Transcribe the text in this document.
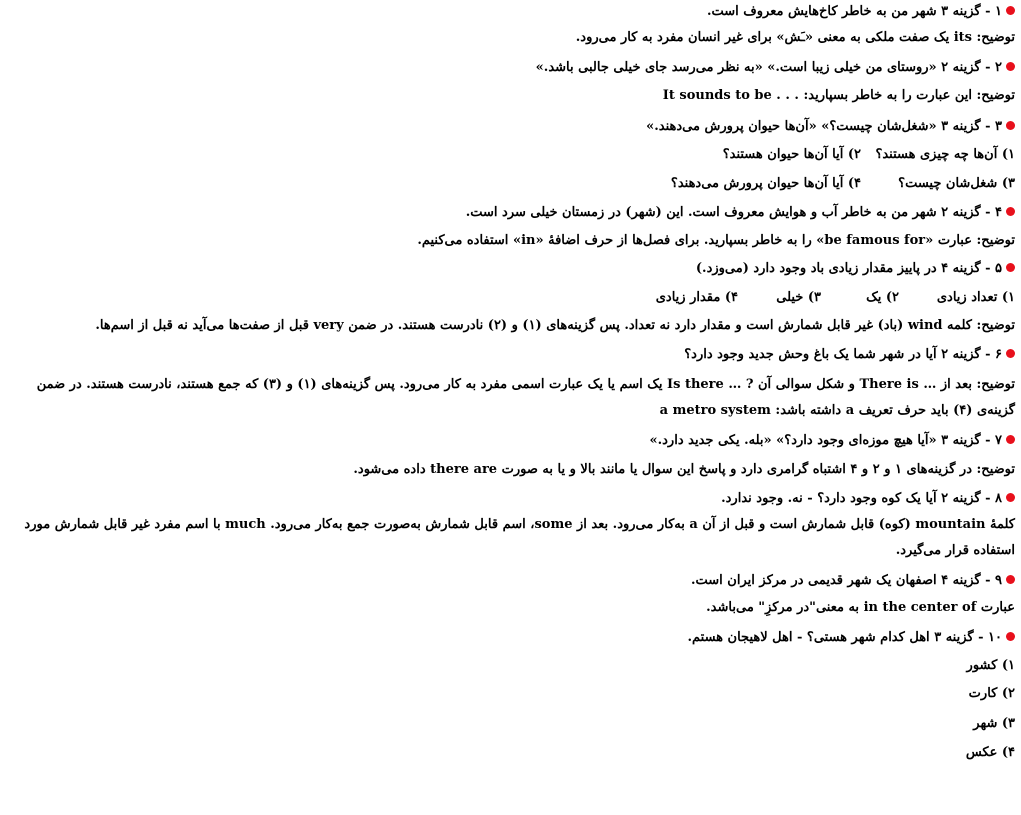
۱ - گزینه ۳ شهر من به خاطر کاخ‌هایش معروف است.
توضیح: its یک صفت ملکی به معنی «ـَش» برای غیر انسان مفرد به کار می‌رود.
۲ - گزینه ۲ «روستای من خیلی زیبا است.» «به نظر می‌رسد جای خیلی جالبی باشد.»
توضیح: این عبارت را به خاطر بسپارید: . . . It sounds to be
۳ - گزینه ۳ «شغل‌شان چیست؟» «آن‌ها حیوان پرورش می‌دهند.»
۱) آن‌ها چه چیزی هستند؟
۲) آیا آن‌ها حیوان هستند؟
۳) شغل‌شان چیست؟
۴) آیا آن‌ها حیوان پرورش می‌دهند؟
۴ - گزینه ۲ شهر من به خاطر آب و هوایش معروف است. این (شهر) در زمستان خیلی سرد است.
توضیح: عبارت «be famous for» را به خاطر بسپارید. برای فصل‌ها از حرف اضافهٔ «in» استفاده می‌کنیم.
۵ - گزینه ۴ در پاییز مقدار زیادی باد وجود دارد (می‌وزد.)
۱) تعداد زیادی
۲) یک
۳) خیلی
۴) مقدار زیادی
توضیح: کلمه wind (باد) غیر قابل شمارش است و مقدار دارد نه تعداد. پس گزینه‌های (۱) و (۲) نادرست هستند. در ضمن very قبل از صفت‌ها می‌آید نه قبل از اسم‌ها.
۶ - گزینه ۲ آیا در شهر شما یک باغ وحش جدید وجود دارد؟
توضیح: بعد از … There is و شکل سوالی آن ? … Is there یک اسم یا یک عبارت اسمی مفرد به کار می‌رود. پس گزینه‌های (۱) و (۳) که جمع هستند، نادرست هستند. در ضمن گزینه‌ی (۴) باید حرف تعریف a داشته باشد: a metro system
۷ - گزینه ۳ «آیا هیچ موزه‌ای وجود دارد؟» «بله. یکی جدید دارد.»
توضیح: در گزینه‌های ۱ و ۲ و ۴ اشتباه گرامری دارد و پاسخ این سوال یا مانند بالا و یا به صورت there are داده می‌شود.
۸ - گزینه ۲ آیا یک کوه وجود دارد؟ - نه. وجود ندارد.
کلمهٔ mountain (کوه) قابل شمارش است و قبل از آن a به‌کار می‌رود. بعد از some، اسم قابل شمارش به‌صورت جمع به‌کار می‌رود. much با اسم مفرد غیر قابل شمارش مورد استفاده قرار می‌گیرد.
۹ - گزینه ۴ اصفهان یک شهر قدیمی در مرکز ایران است.
عبارت in the center of به معنی"در مرکزِ" می‌باشد.
۱۰ - گزینه ۳ اهل کدام شهر هستی؟ - اهل لاهیجان هستم.
۱) کشور
۲) کارت
۳) شهر
۴) عکس
